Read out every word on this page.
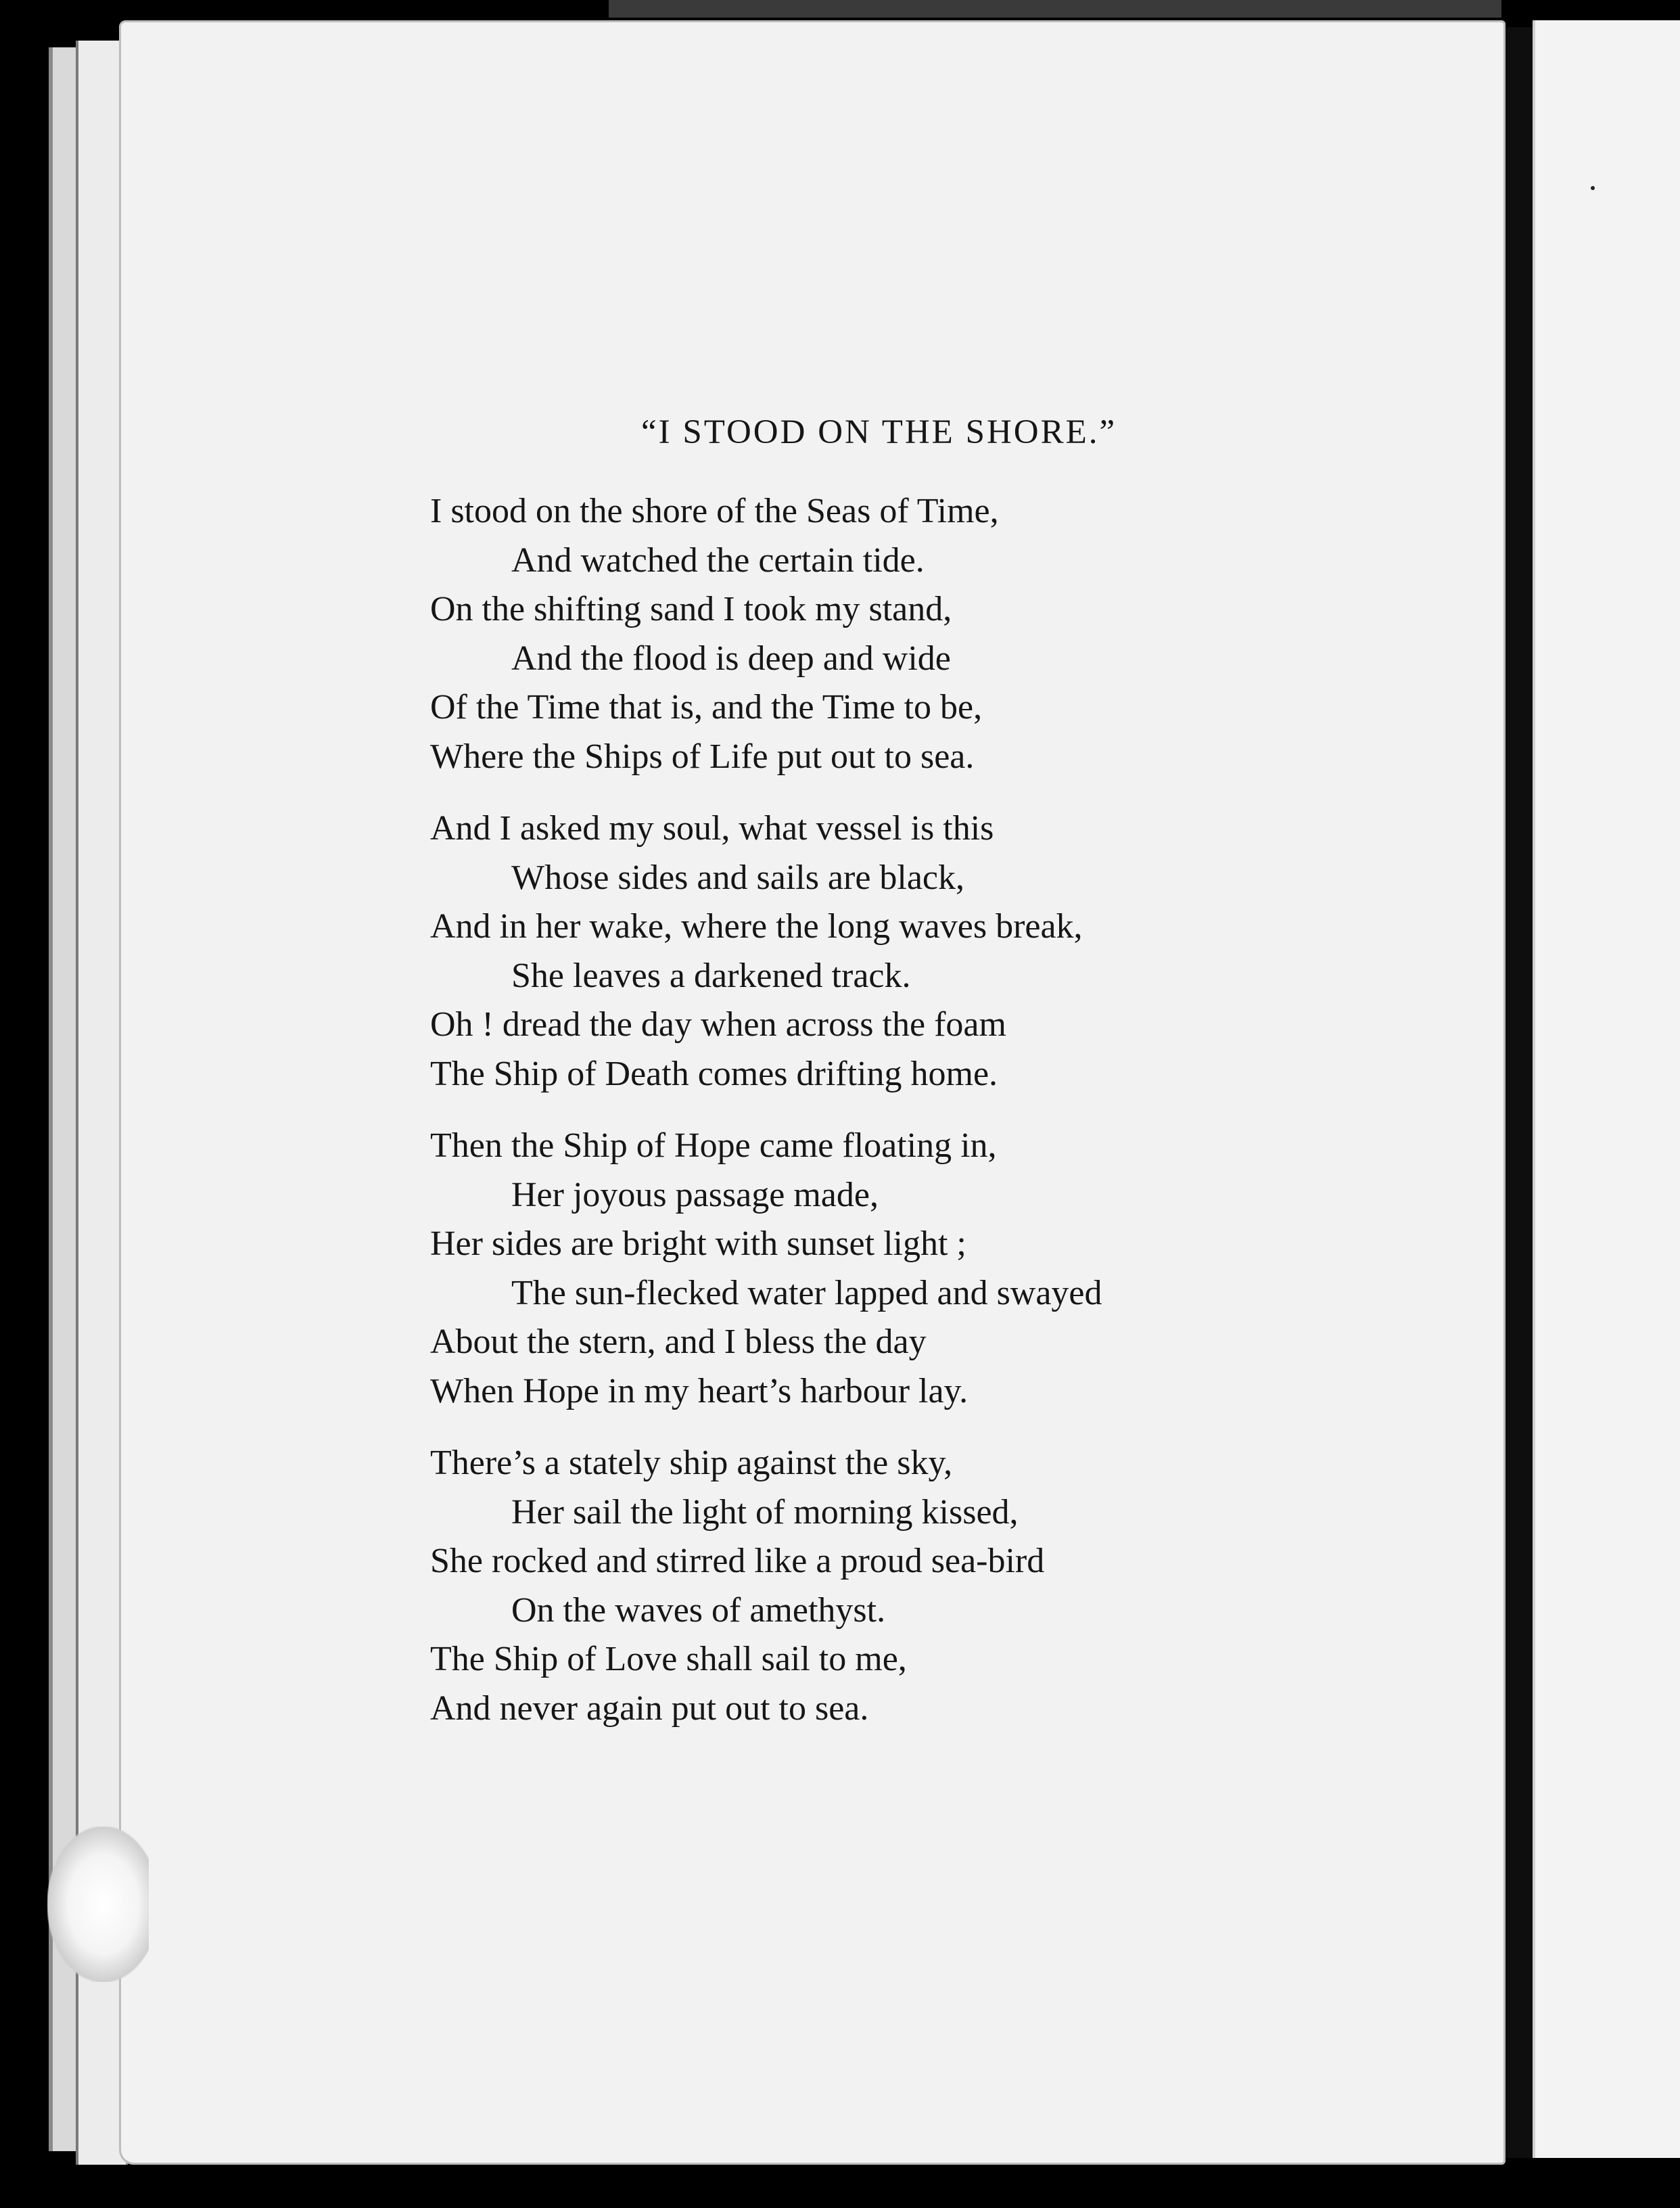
“I STOOD ON THE SHORE.”
I stood on the shore of the Seas of Time,
And watched the certain tide.
On the shifting sand I took my stand,
And the flood is deep and wide
Of the Time that is, and the Time to be,
Where the Ships of Life put out to sea.
And I asked my soul, what vessel is this
Whose sides and sails are black,
And in her wake, where the long waves break,
She leaves a darkened track.
Oh ! dread the day when across the foam
The Ship of Death comes drifting home.
Then the Ship of Hope came floating in,
Her joyous passage made,
Her sides are bright with sunset light ;
The sun-flecked water lapped and swayed
About the stern, and I bless the day
When Hope in my heart’s harbour lay.
There’s a stately ship against the sky,
Her sail the light of morning kissed,
She rocked and stirred like a proud sea-bird
On the waves of amethyst.
The Ship of Love shall sail to me,
And never again put out to sea.
